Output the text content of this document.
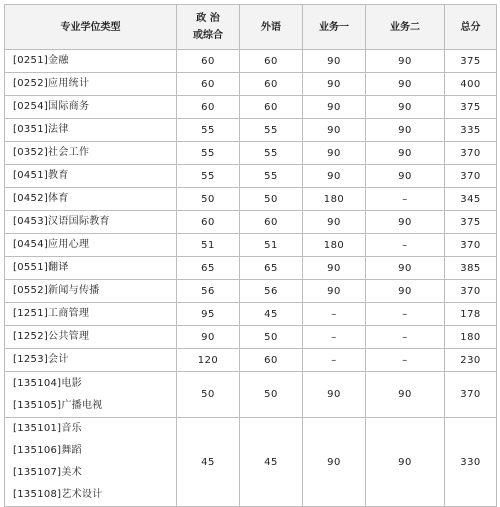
专业学位类型	政 治
或综合	外语	业务一	业务二	总分

[0251]金融	60	60	90	90	375

[0252]应用统计	60	60	90	90	400

[0254]国际商务	60	60	90	90	375

[0351]法律	55	55	90	90	335

[0352]社会工作	55	55	90	90	370

[0451]教育	55	55	90	90	370

[0452]体育	50	50	180	–	345

[0453]汉语国际教育	60	60	90	90	375

[0454]应用心理	51	51	180	–	370

[0551]翻译	65	65	90	90	385

[0552]新闻与传播	56	56	90	90	370

[1251]工商管理	95	45	–	–	178

[1252]公共管理	90	50	–	–	180

[1253]会计	120	60	–	–	230

[135104]电影
[135105]广播电视	50	50	90	90	370

[135101]音乐
[135106]舞蹈
[135107]美术
[135108]艺术设计	45	45	90	90	330
